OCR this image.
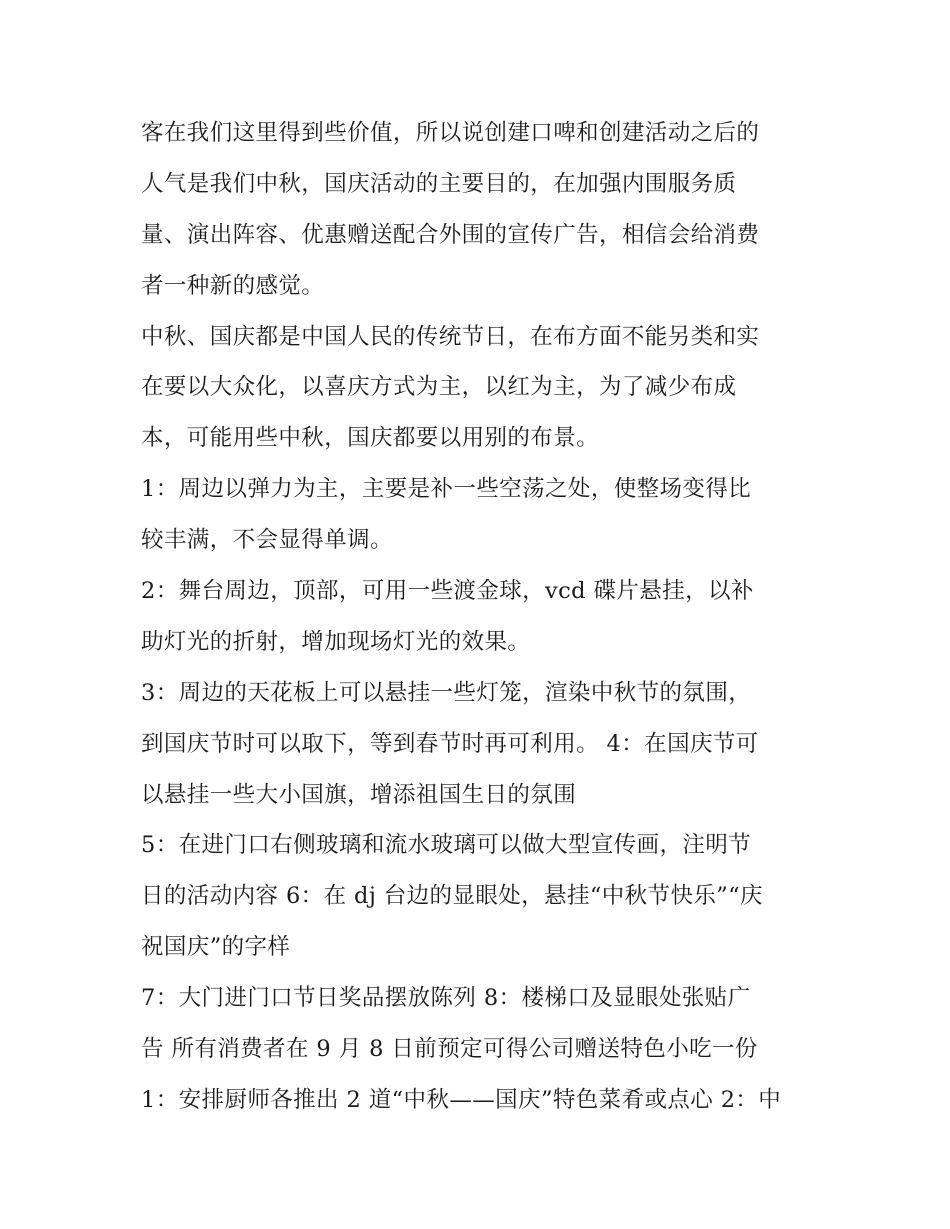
客在我们这里得到些价值，所以说创建口啤和创建活动之后的
人气是我们中秋，国庆活动的主要目的，在加强内围服务质
量、演出阵容、优惠赠送配合外围的宣传广告，相信会给消费
者一种新的感觉。
中秋、国庆都是中国人民的传统节日，在布方面不能另类和实
在要以大众化，以喜庆方式为主，以红为主，为了减少布成
本，可能用些中秋，国庆都要以用别的布景。
1：周边以弹力为主，主要是补一些空荡之处，使整场变得比
较丰满，不会显得单调。
2：舞台周边，顶部，可用一些渡金球，vcd 碟片悬挂，以补
助灯光的折射，增加现场灯光的效果。
3：周边的天花板上可以悬挂一些灯笼，渲染中秋节的氛围，
到国庆节时可以取下，等到春节时再可利用。 4：在国庆节可
以悬挂一些大小国旗，增添祖国生日的氛围
5：在进门口右侧玻璃和流水玻璃可以做大型宣传画，注明节
日的活动内容 6：在 dj 台边的显眼处，悬挂“中秋节快乐”“庆
祝国庆”的字样
7：大门进门口节日奖品摆放陈列 8：楼梯口及显眼处张贴广
告 所有消费者在 9 月 8 日前预定可得公司赠送特色小吃一份
1：安排厨师各推出 2 道“中秋——国庆”特色菜肴或点心 2：中
